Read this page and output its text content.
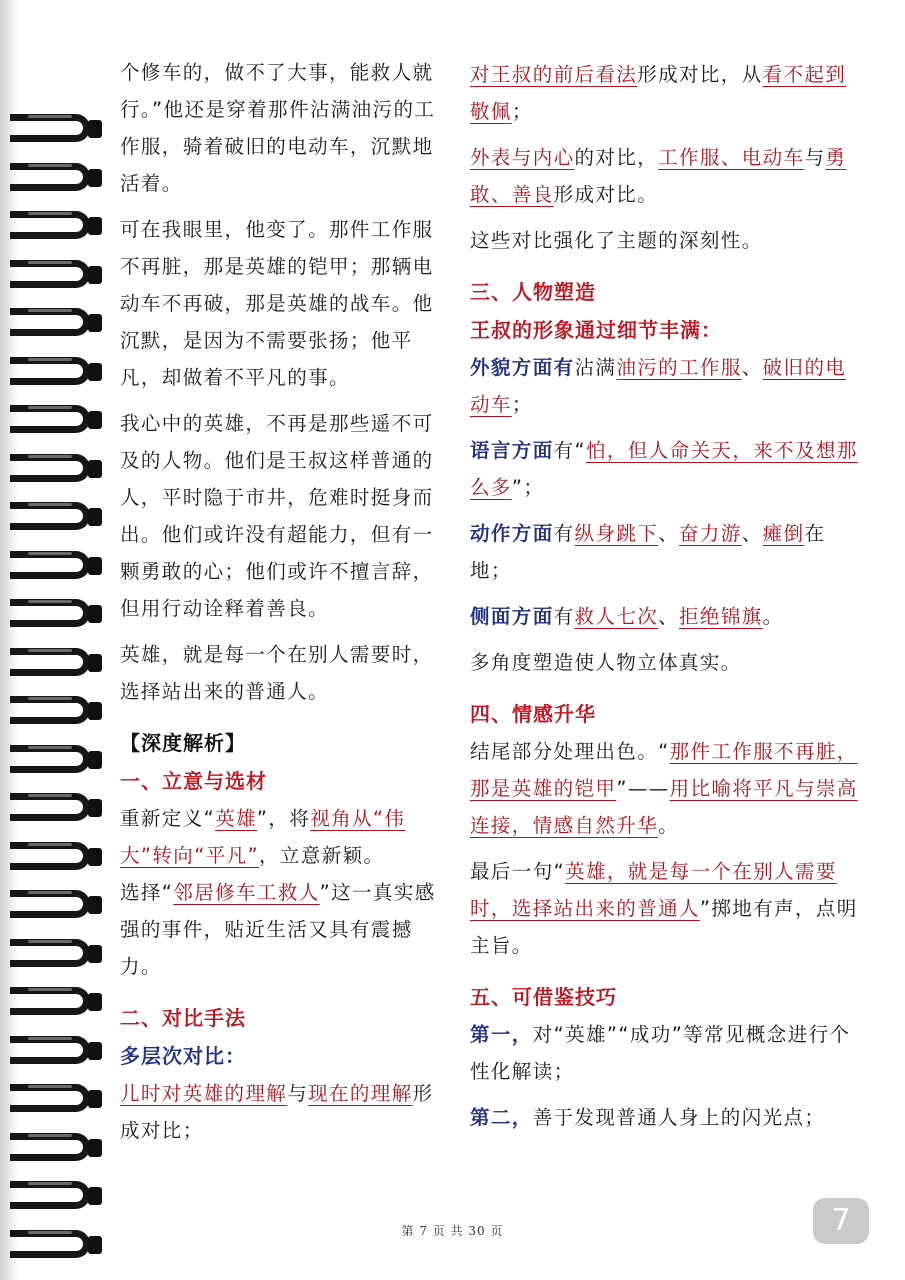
个修车的，做不了大事，能救人就行。”他还是穿着那件沾满油污的工作服，骑着破旧的电动车，沉默地活着。

可在我眼里，他变了。那件工作服不再脏，那是英雄的铠甲；那辆电动车不再破，那是英雄的战车。他沉默，是因为不需要张扬；他平凡，却做着不平凡的事。

我心中的英雄，不再是那些遥不可及的人物。他们是王叔这样普通的人，平时隐于市井，危难时挺身而出。他们或许没有超能力，但有一颗勇敢的心；他们或许不擅言辞，但用行动诠释着善良。

英雄，就是每一个在别人需要时，选择站出来的普通人。

【深度解析】
一、立意与选材

重新定义“英雄”，将视角从“伟大”转向“平凡”，立意新颖。

选择“邻居修车工救人”这一真实感强的事件，贴近生活又具有震撼力。

二、对比手法
多层次对比：

儿时对英雄的理解与现在的理解形成对比；

对王叔的前后看法形成对比，从看不起到敬佩；

外表与内心的对比，工作服、电动车与勇敢、善良形成对比。

这些对比强化了主题的深刻性。

三、人物塑造
王叔的形象通过细节丰满：

外貌方面有沾满油污的工作服、破旧的电动车；

语言方面有“怕，但人命关天，来不及想那么多”；

动作方面有纵身跳下、奋力游、瘫倒在地；

侧面方面有救人七次、拒绝锦旗。

多角度塑造使人物立体真实。

四、情感升华

结尾部分处理出色。“那件工作服不再脏，那是英雄的铠甲”——用比喻将平凡与崇高连接，情感自然升华。

最后一句“英雄，就是每一个在别人需要时，选择站出来的普通人”掷地有声，点明主旨。

五、可借鉴技巧

第一，对“英雄”“成功”等常见概念进行个性化解读；

第二，善于发现普通人身上的闪光点；

第 7 页 共 30 页	7
